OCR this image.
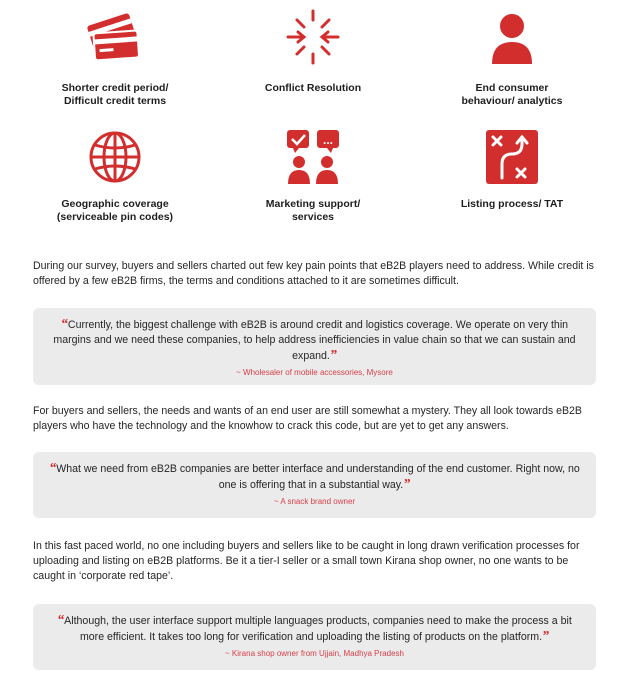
Shorter credit period/
Difficult credit terms
Conflict Resolution	End consumer
behaviour/ analytics
Geographic coverage
(serviceable pin codes)
...
Marketing support/
services
Listing process/ TAT
During our survey, buyers and sellers charted out few key pain points that eB2B players need to address. While credit is offered by a few eB2B firms, the terms and conditions attached to it are sometimes difficult.
“Currently, the biggest challenge with eB2B is around credit and logistics coverage. We operate on very thin margins and we need these companies, to help address inefficiencies in value chain so that we can sustain and expand.”
~ Wholesaler of mobile accessories, Mysore
For buyers and sellers, the needs and wants of an end user are still somewhat a mystery. They all look towards eB2B players who have the technology and the knowhow to crack this code, but are yet to get any answers.
“What we need from eB2B companies are better interface and understanding of the end customer. Right now, no one is offering that in a substantial way.”
~ A snack brand owner
In this fast paced world, no one including buyers and sellers like to be caught in long drawn verification processes for uploading and listing on eB2B platforms. Be it a tier-I seller or a small town Kirana shop owner, no one wants to be caught in ‘corporate red tape’.
“Although, the user interface support multiple languages products, companies need to make the process a bit more efficient. It takes too long for verification and uploading the listing of products on the platform.”
~ Kirana shop owner from Ujjain, Madhya Pradesh
